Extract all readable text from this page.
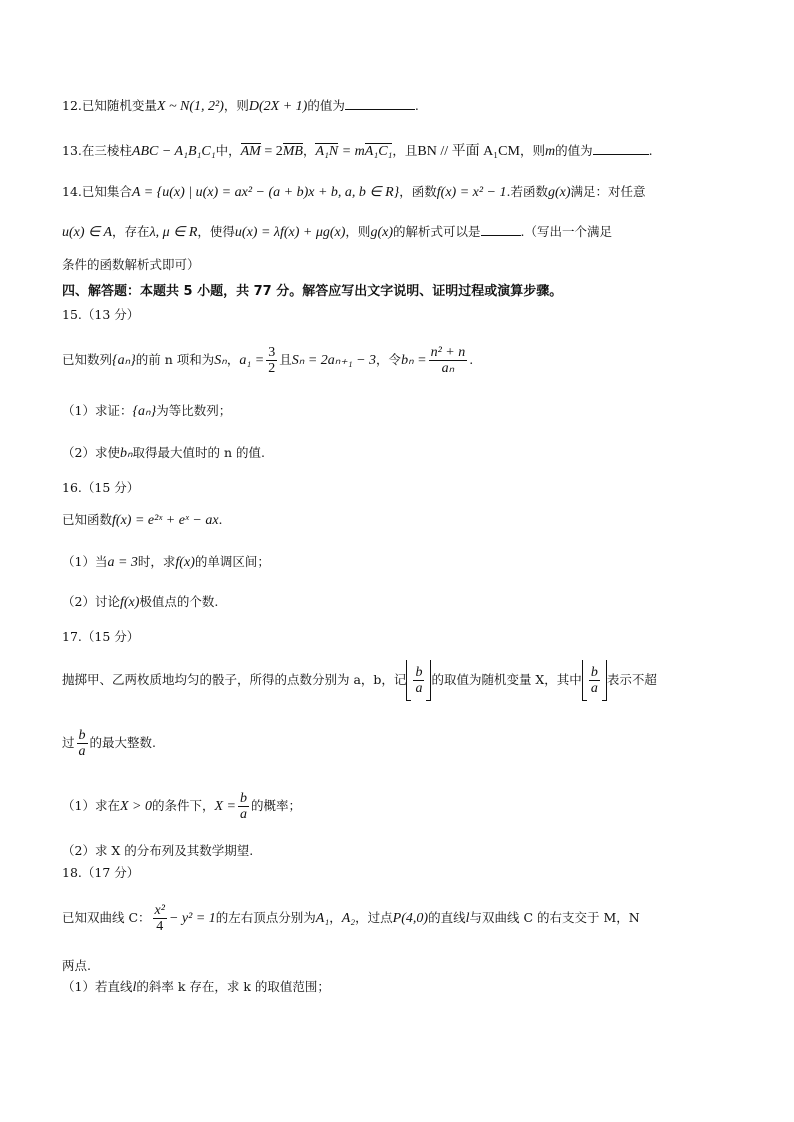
12.已知随机变量X ~ N(1, 2²)，则D(2X + 1)的值为	.
13.在三棱柱ABC − A₁B₁C₁中，AM = 2MB，A₁N = mA₁C₁，且BN // 平面 A₁CM，则m的值为	.
14.已知集合A = {u(x) | u(x) = ax² − (a + b)x + b, a, b ∈ R}，函数f(x) = x² − 1.若函数g(x)满足：对任意
u(x) ∈ A，存在λ, μ ∈ R，使得u(x) = λf(x) + μg(x)，则g(x)的解析式可以是	.（写出一个满足
条件的函数解析式即可）
四、解答题：本题共 5 小题，共 77 分。解答应写出文字说明、证明过程或演算步骤。
15.（13 分）
已知数列{aₙ}的前 n 项和为Sₙ，$a_1 = \frac{3}{2}$ 且Sₙ = 2aₙ₊₁ − 3，令$b_n = \frac{\text{n² + n}}{\text{aₙ}}$ .
（1）求证：{aₙ}为等比数列；
（2）求使bₙ取得最大值时的 n 的值.
16.（15 分）
已知函数f(x) = e²ˣ + eˣ − ax.
（1）当a = 3时，求f(x)的单调区间；
（2）讨论f(x)极值点的个数.
17.（15 分）
抛掷甲、乙两枚质地均匀的骰子，所得的点数分别为 a，b，记 $\frac{b}{a}$ 的取值为随机变量 X，其中 $\frac{b}{a}$ 表示不超
过 $\frac{b}{a}$ 的最大整数.
（1）求在X > 0的条件下，$X = \frac{b}{a}$ 的概率；
（2）求 X 的分布列及其数学期望.
18.（17 分）
已知双曲线 C： $\frac{\text{x²}}{4} - y^2 = 1$的左右顶点分别为A₁，A₂，过点P(4,0)的直线l与双曲线 C 的右支交于 M，N
两点.
（1）若直线l的斜率 k 存在，求 k 的取值范围；
